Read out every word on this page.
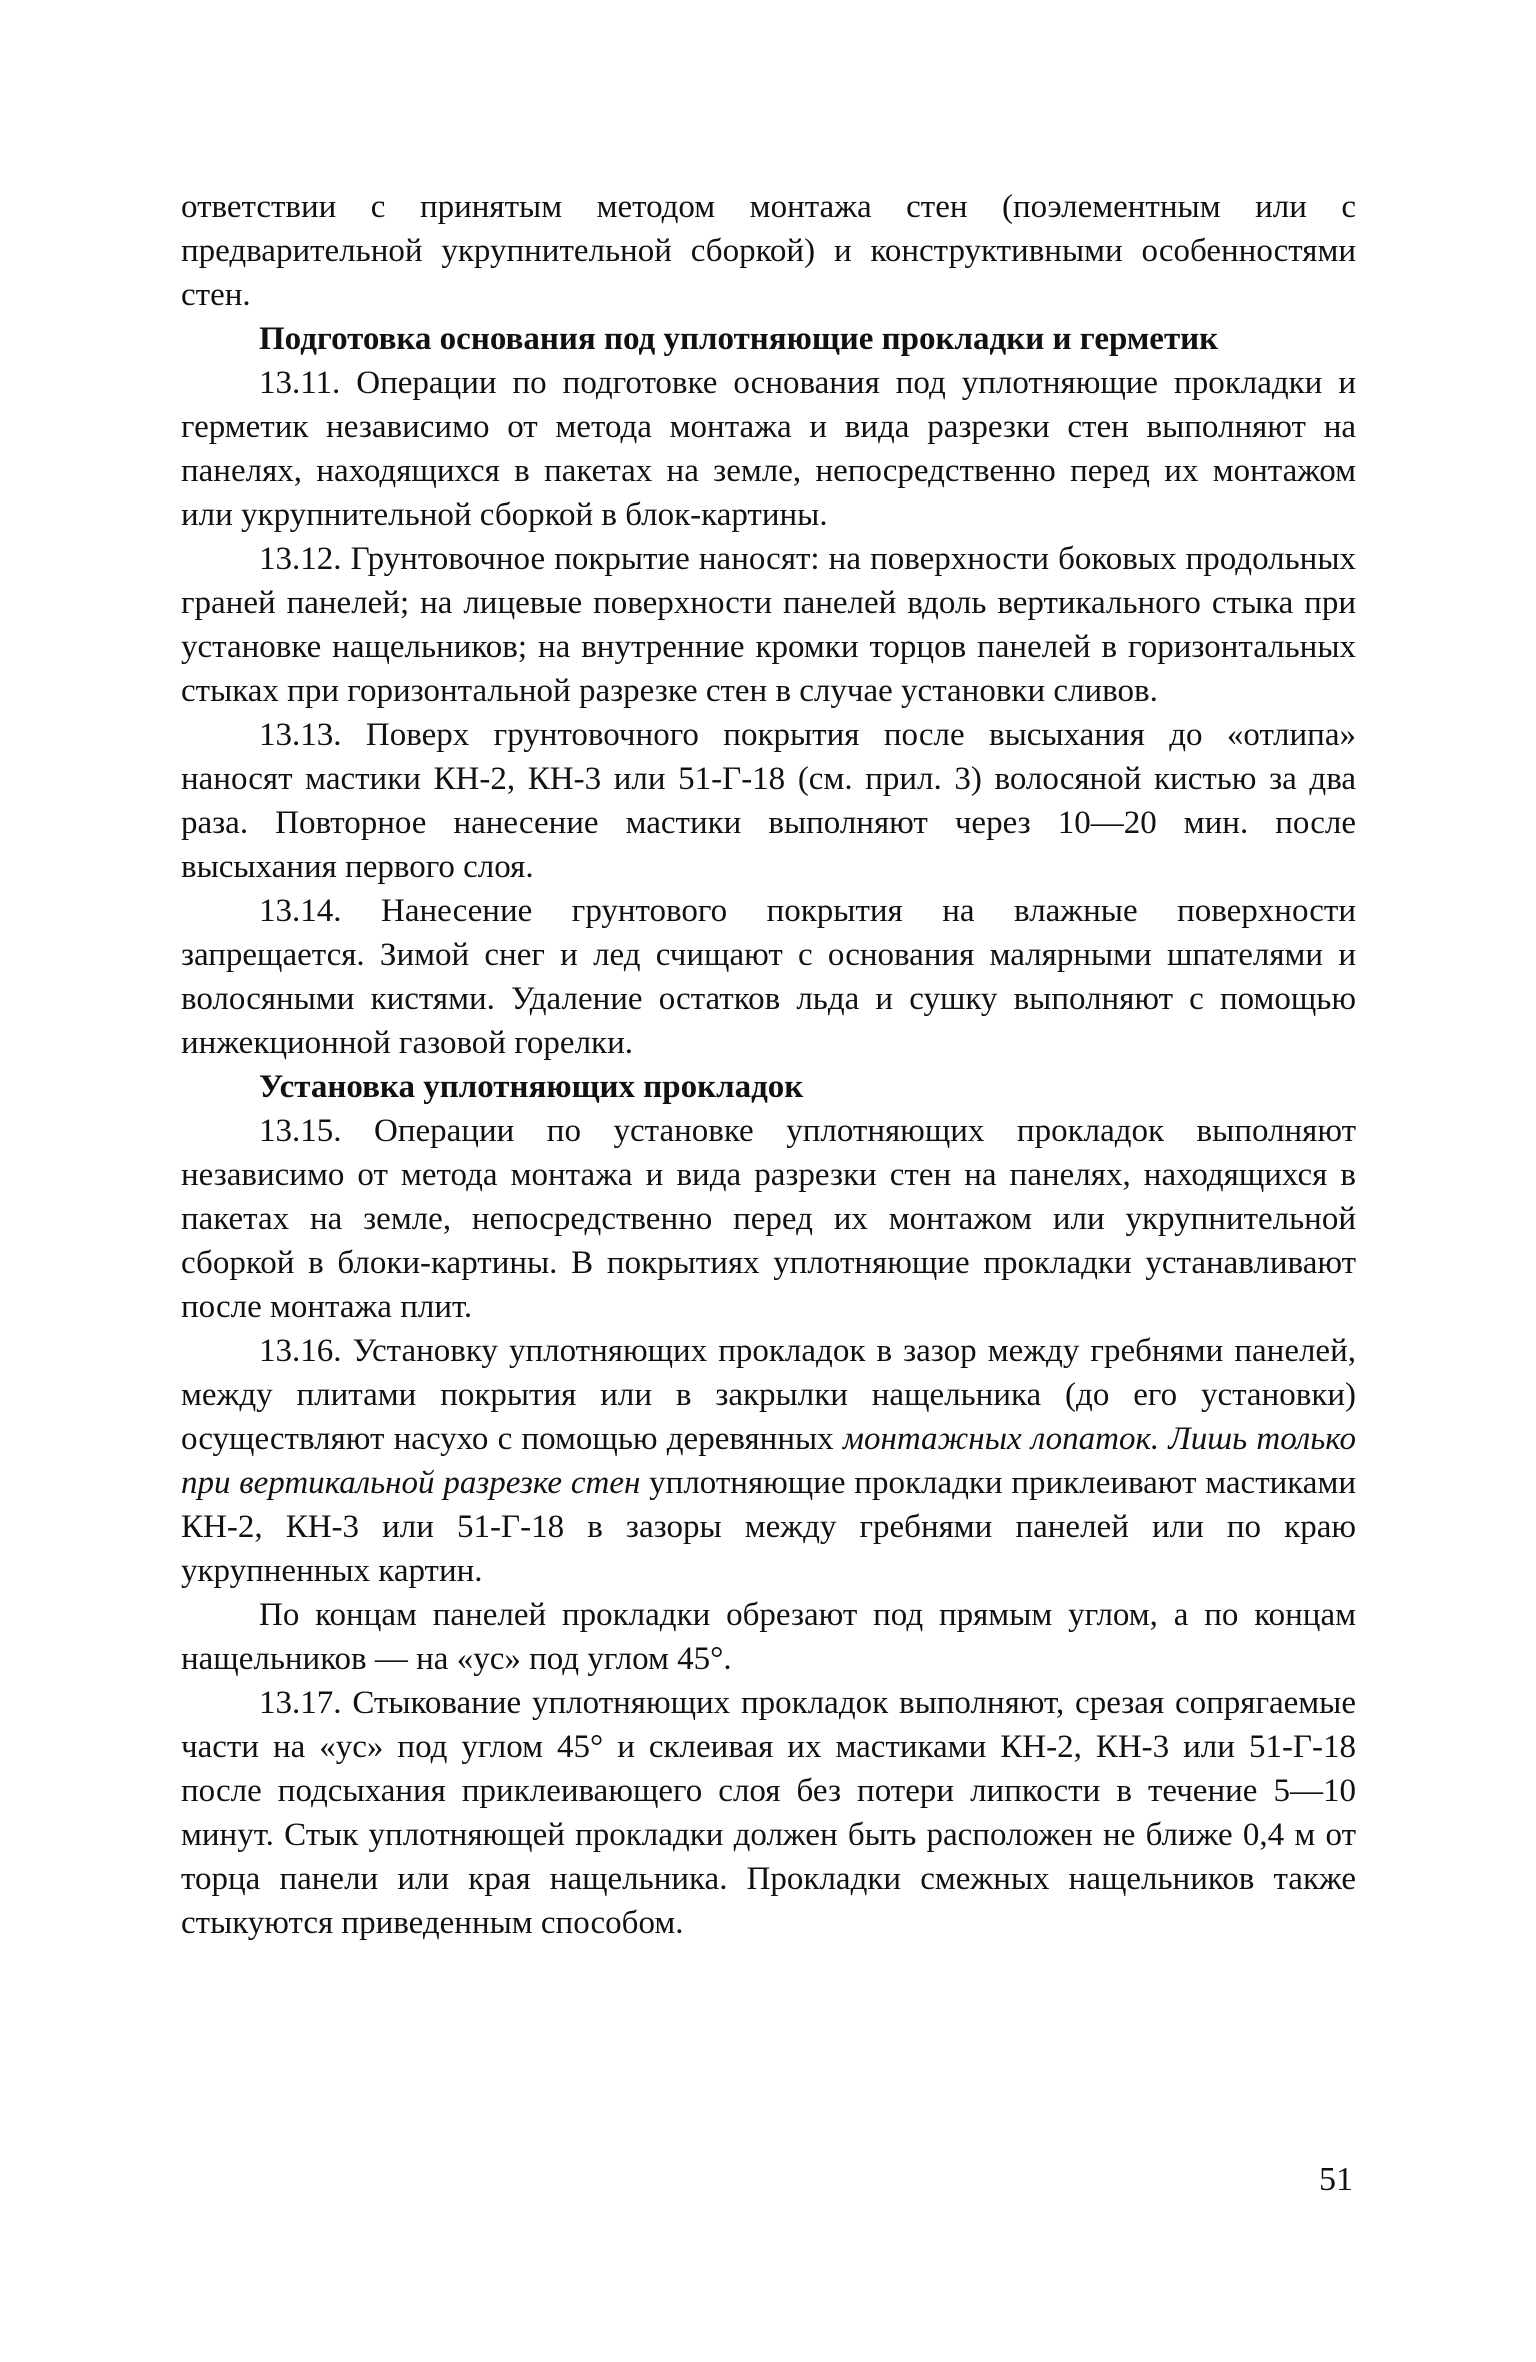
ответствии с принятым методом монтажа стен (поэлементным или с предварительной укрупнительной сборкой) и конструктивными особенностями стен.

Подготовка основания под уплотняющие прокладки и герметик

13.11. Операции по подготовке основания под уплотняющие прокладки и герметик независимо от метода монтажа и вида разрезки стен выполняют на панелях, находящихся в пакетах на земле, непосредственно перед их монтажом или укрупнительной сборкой в блок-картины.

13.12. Грунтовочное покрытие наносят: на поверхности боковых продольных граней панелей; на лицевые поверхности панелей вдоль вертикального стыка при установке нащельников; на внутренние кромки торцов панелей в горизонтальных стыках при горизонтальной разрезке стен в случае установки сливов.

13.13. Поверх грунтовочного покрытия после высыхания до «отлипа» наносят мастики КН-2, КН-3 или 51-Г-18 (см. прил. 3) волосяной кистью за два раза. Повторное нанесение мастики выполняют через 10—20 мин. после высыхания первого слоя.

13.14. Нанесение грунтового покрытия на влажные поверхности запрещается. Зимой снег и лед счищают с основания малярными шпателями и волосяными кистями. Удаление остатков льда и сушку выполняют с помощью инжекционной газовой горелки.

Установка уплотняющих прокладок

13.15. Операции по установке уплотняющих прокладок выполняют независимо от метода монтажа и вида разрезки стен на панелях, находящихся в пакетах на земле, непосредственно перед их монтажом или укрупнительной сборкой в блоки-картины. В покрытиях уплотняющие прокладки устанавливают после монтажа плит.

13.16. Установку уплотняющих прокладок в зазор между гребнями панелей, между плитами покрытия или в закрылки нащельника (до его установки) осуществляют насухо с помощью деревянных монтажных лопаток. Лишь только при вертикальной разрезке стен уплотняющие прокладки приклеивают мастиками КН-2, КН-3 или 51-Г-18 в зазоры между гребнями панелей или по краю укрупненных картин.

По концам панелей прокладки обрезают под прямым углом, а по концам нащельников — на «ус» под углом 45°.

13.17. Стыкование уплотняющих прокладок выполняют, срезая сопрягаемые части на «ус» под углом 45° и склеивая их мастиками КН-2, КН-3 или 51-Г-18 после подсыхания приклеивающего слоя без потери липкости в течение 5—10 минут. Стык уплотняющей прокладки должен быть расположен не ближе 0,4 м от торца панели или края нащельника. Прокладки смежных нащельников также стыкуются приведенным способом.

51
